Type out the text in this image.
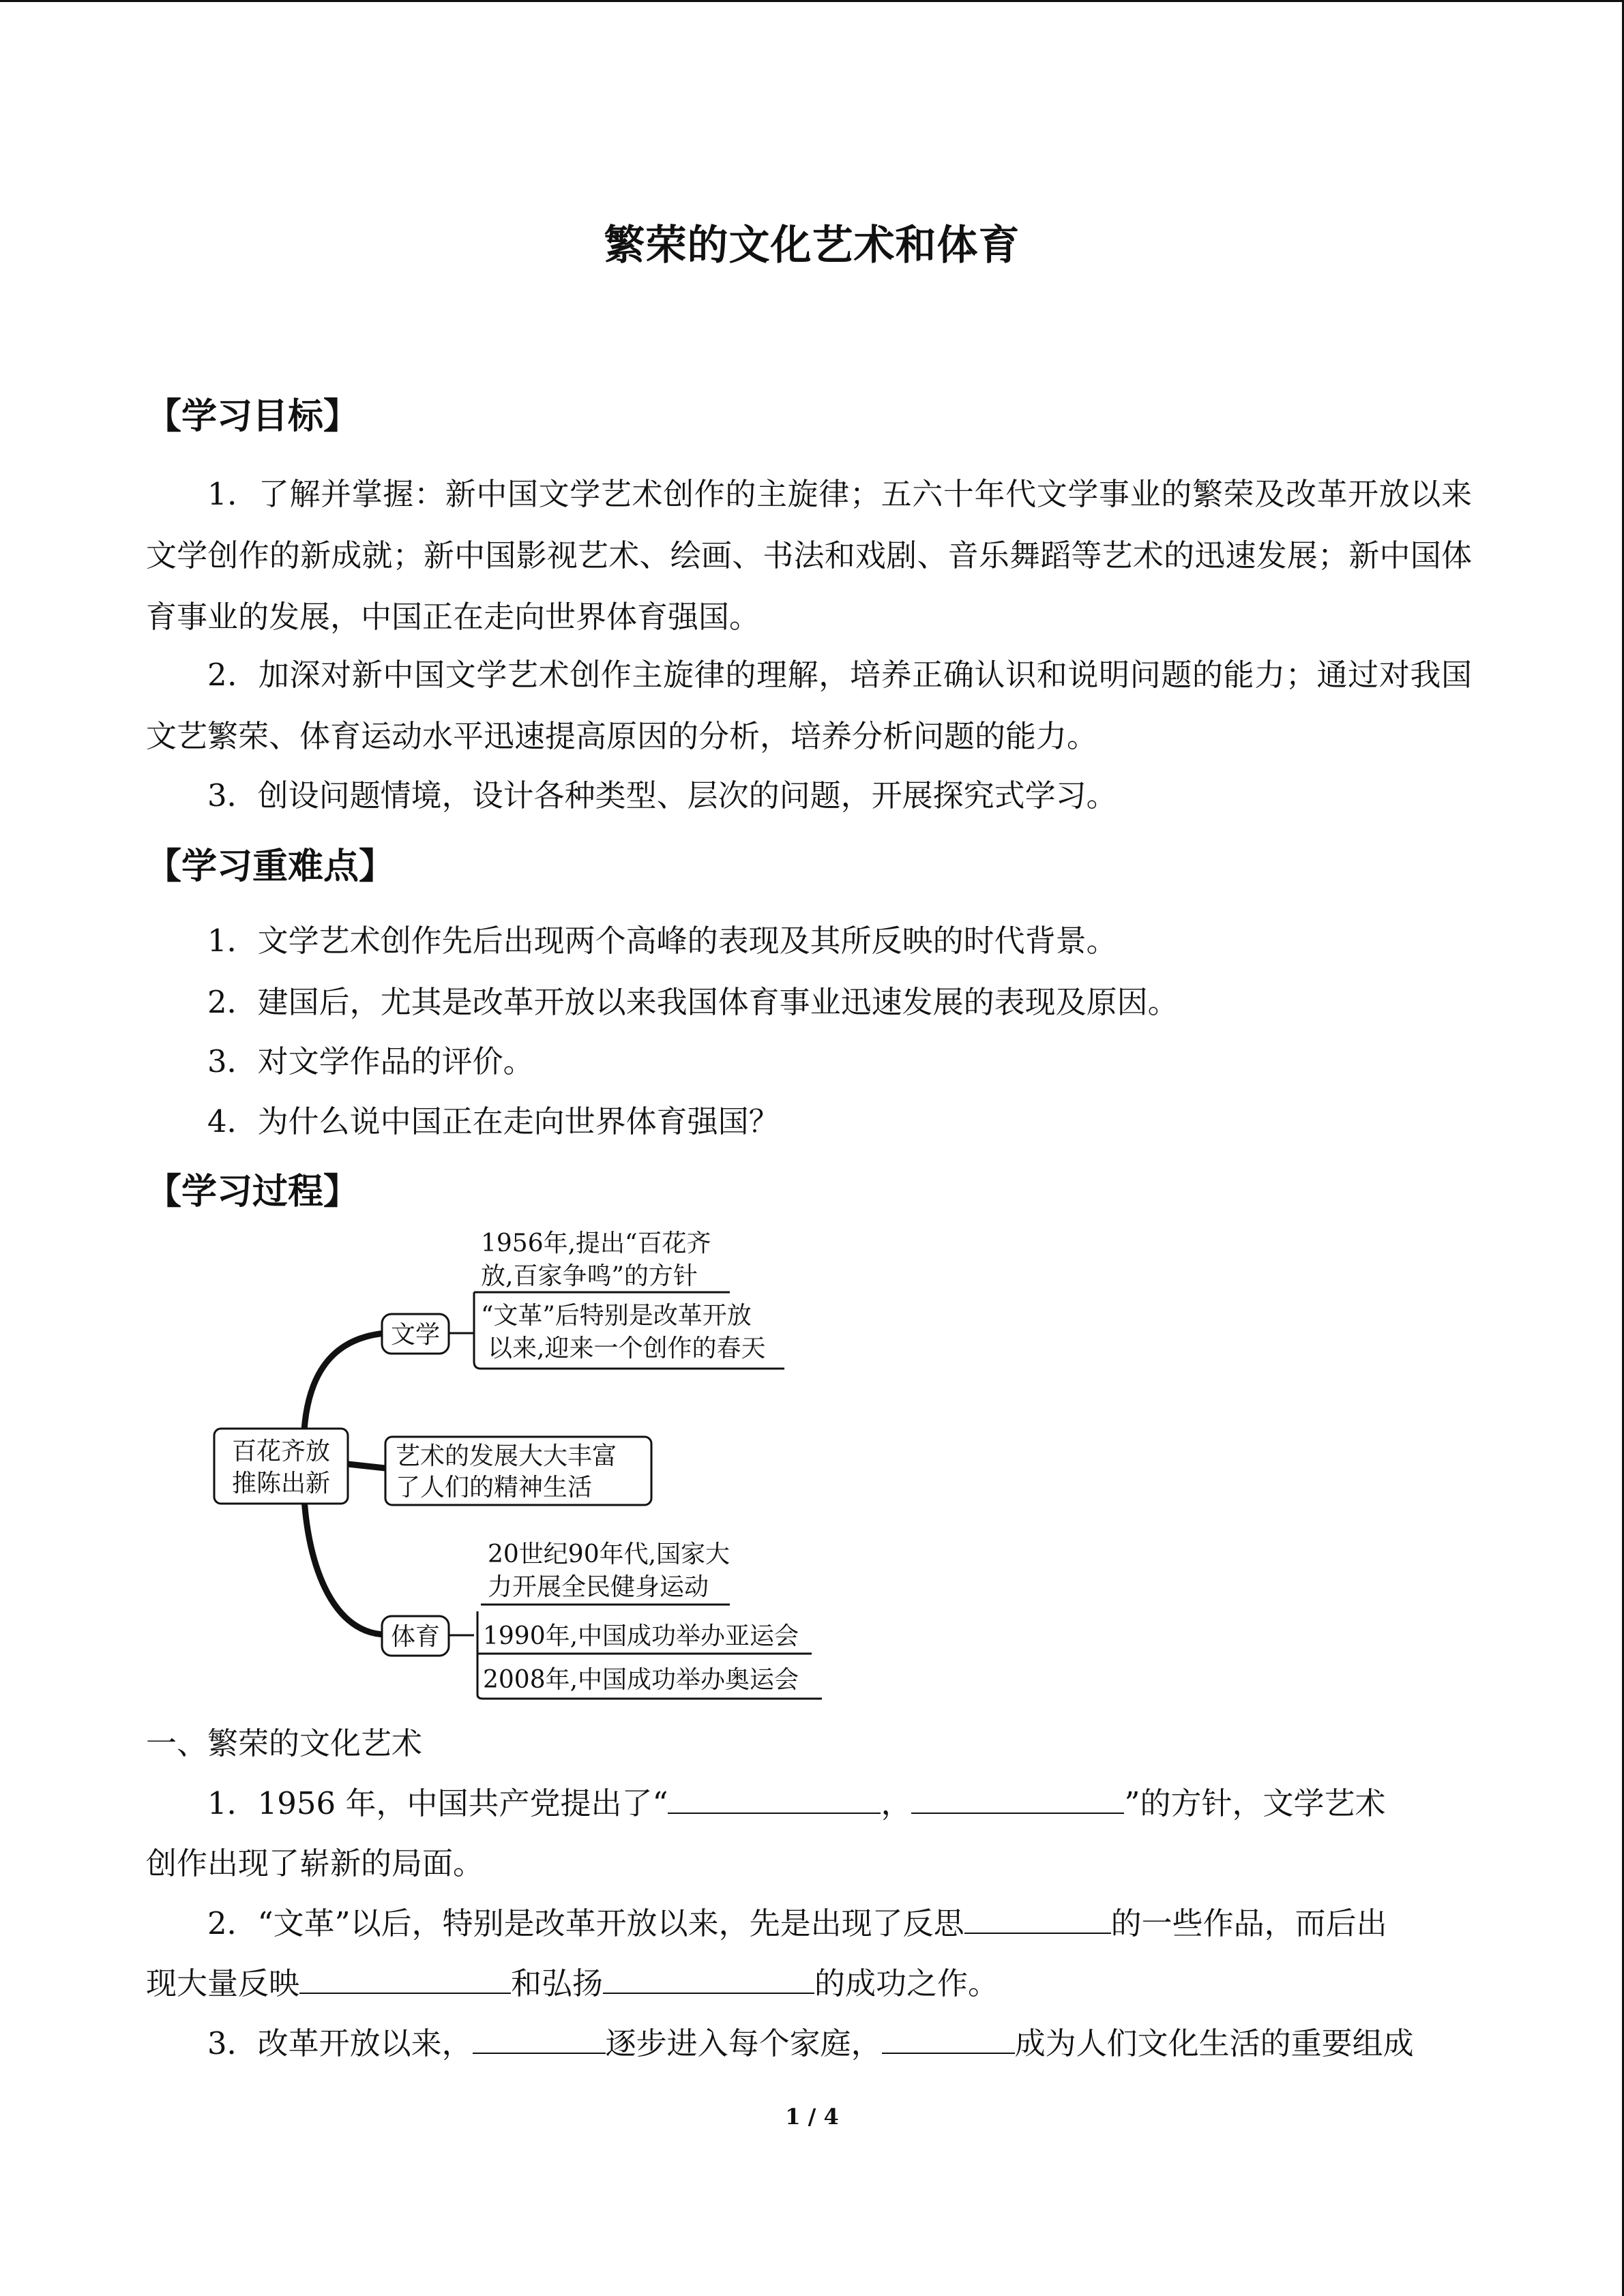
繁荣的文化艺术和体育
【学习目标】
1．了解并掌握：新中国文学艺术创作的主旋律；五六十年代文学事业的繁荣及改革开放以来文学创作的新成就；新中国影视艺术、绘画、书法和戏剧、音乐舞蹈等艺术的迅速发展；新中国体育事业的发展，中国正在走向世界体育强国。
2．加深对新中国文学艺术创作主旋律的理解，培养正确认识和说明问题的能力；通过对我国文艺繁荣、体育运动水平迅速提高原因的分析，培养分析问题的能力。
3．创设问题情境，设计各种类型、层次的问题，开展探究式学习。
【学习重难点】
1．文学艺术创作先后出现两个高峰的表现及其所反映的时代背景。
2．建国后，尤其是改革开放以来我国体育事业迅速发展的表现及原因。
3．对文学作品的评价。
4．为什么说中国正在走向世界体育强国？
【学习过程】
百花齐放
推陈出新
文学
1956年,提出“百花齐
放,百家争鸣”的方针
“文革”后特别是改革开放
以来,迎来一个创作的春天
艺术的发展大大丰富
了人们的精神生活
体育
20世纪90年代,国家大
力开展全民健身运动
1990年,中国成功举办亚运会
2008年,中国成功举办奥运会
一、繁荣的文化艺术
1．1956 年，中国共产党提出了“	，	”的方针，文学艺术
创作出现了崭新的局面。
2．“文革”以后，特别是改革开放以来，先是出现了反思	的一些作品，而后出
现大量反映	和弘扬	的成功之作。
3．改革开放以来，	逐步进入每个家庭，	成为人们文化生活的重要组成
1 / 4
